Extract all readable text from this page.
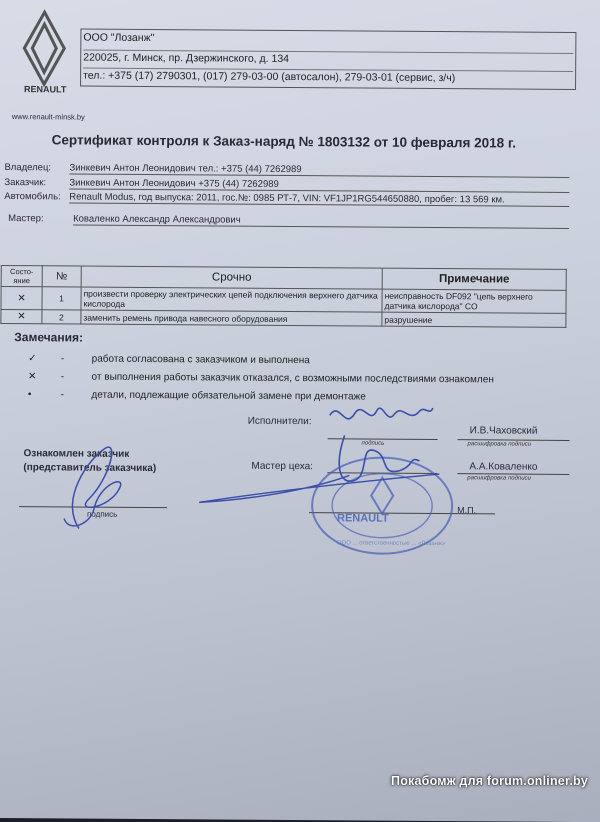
RENAULT
www.renault-minsk.by
ООО "Лозанж"
220025, г. Минск, пр. Дзержинского, д. 134
тел.: +375 (17) 2790301, (017) 279-03-00 (автосалон), 279-03-01 (сервис, з/ч)
Сертификат контроля к Заказ-наряд № 1803132 от 10 февраля 2018 г.
Владелец: Зинкевич Антон Леонидович тел.: +375 (44) 7262989
Заказчик: Зинкевич Антон Леонидович +375 (44) 7262989
Автомобиль: Renault Modus, год выпуска: 2011, гос.№: 0985 РТ-7, VIN: VF1JP1RG544650880, пробег: 13 569 км.
Мастер:	Коваленко Александр Александрович
Состо-яние	№	Срочно	Примечание
✕	1	произвести проверку электрических цепей подключения верхнего датчика кислорода	неисправность DF092 "цепь верхнего датчика кислорода" CO
✕	2	заменить ремень привода навесного оборудования	разрушение
Замечания:
✓ -	работа согласована с заказчиком и выполнена
✕ -	от выполнения работы заказчик отказался, с возможными последствиями ознакомлен
•	-	детали, подлежащие обязательной замене при демонтаже
Исполнители:
подпись
И.В.Чаховский
расшифровка подписи
Ознакомлен заказчик
(представитель заказчика)
подпись
Мастер цеха:	А.А.Коваленко
расшифровка подписи
М.П.
RENAULT
ООО ... ответственностью ... «Лозанж»
Покабомж для forum.onliner.by
